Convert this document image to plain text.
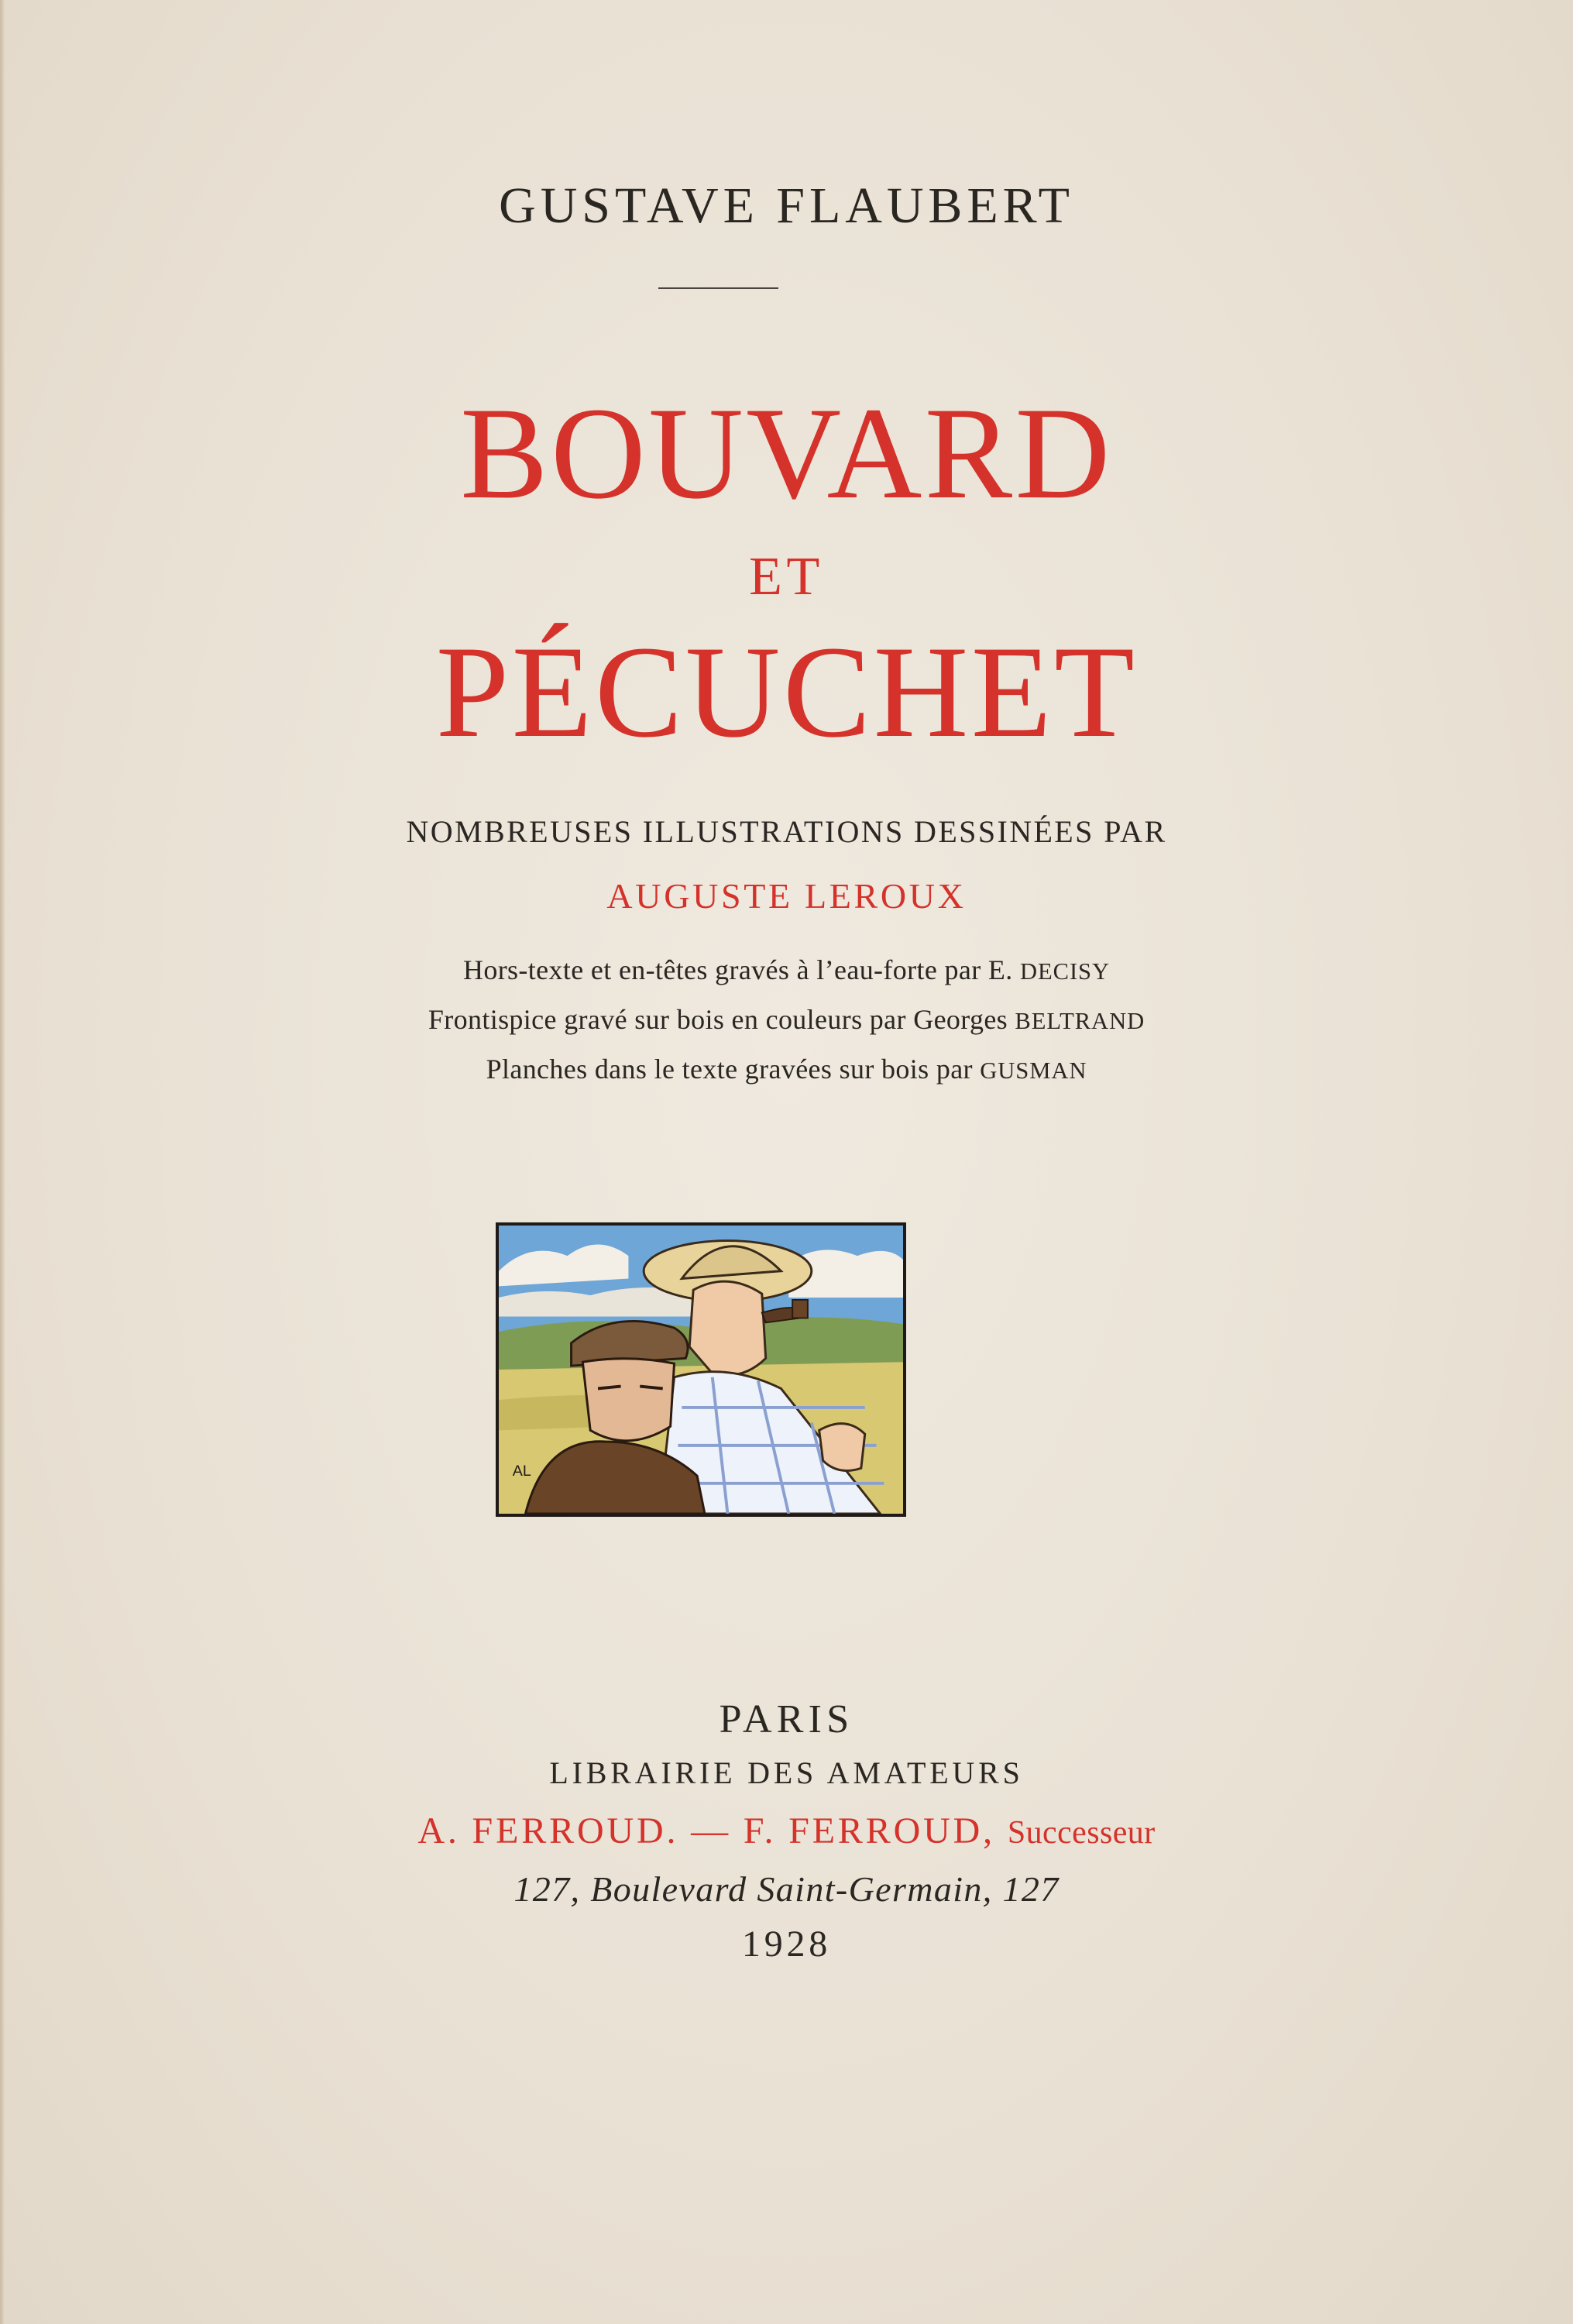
GUSTAVE FLAUBERT
BOUVARD
ET
PÉCUCHET
NOMBREUSES ILLUSTRATIONS DESSINÉES PAR
AUGUSTE LEROUX
Hors-texte et en-têtes gravés à l’eau-forte par E. DECISY
Frontispice gravé sur bois en couleurs par Georges BELTRAND
Planches dans le texte gravées sur bois par GUSMAN
AL
PARIS
LIBRAIRIE DES AMATEURS
A. FERROUD. — F. FERROUD, Successeur
127, Boulevard Saint-Germain, 127
1928
